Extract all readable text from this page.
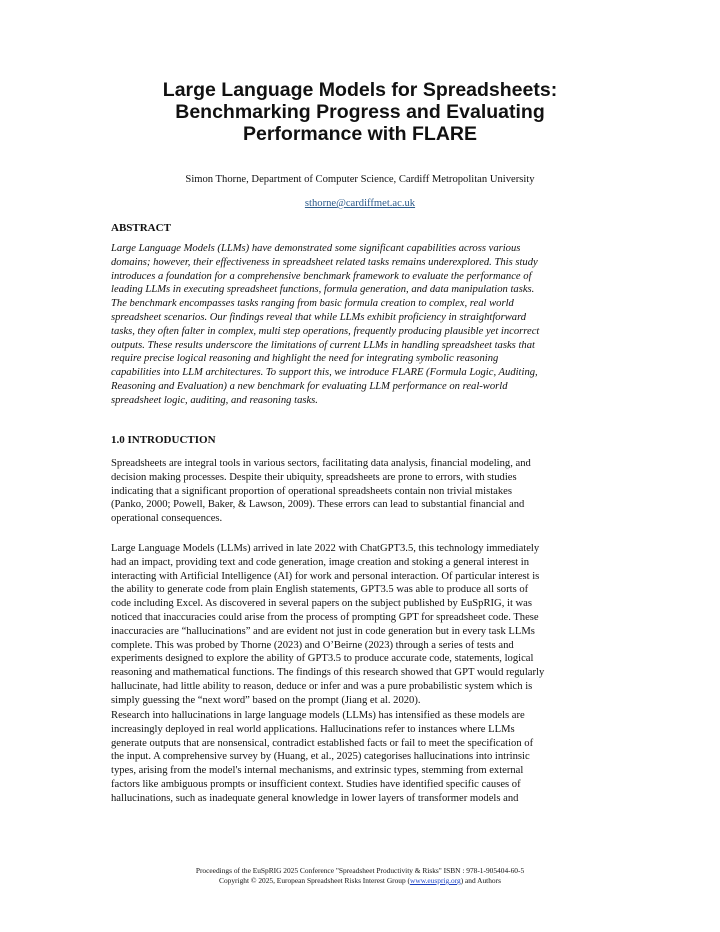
Large Language Models for Spreadsheets:
Benchmarking Progress and Evaluating
Performance with FLARE
Simon Thorne, Department of Computer Science, Cardiff Metropolitan University
sthorne@cardiffmet.ac.uk
ABSTRACT

Large Language Models (LLMs) have demonstrated some significant capabilities across various
domains; however, their effectiveness in spreadsheet related tasks remains underexplored. This study
introduces a foundation for a comprehensive benchmark framework to evaluate the performance of
leading LLMs in executing spreadsheet functions, formula generation, and data manipulation tasks.
The benchmark encompasses tasks ranging from basic formula creation to complex, real world
spreadsheet scenarios. Our findings reveal that while LLMs exhibit proficiency in straightforward
tasks, they often falter in complex, multi step operations, frequently producing plausible yet incorrect
outputs. These results underscore the limitations of current LLMs in handling spreadsheet tasks that
require precise logical reasoning and highlight the need for integrating symbolic reasoning
capabilities into LLM architectures. To support this, we introduce FLARE (Formula Logic, Auditing,
Reasoning and Evaluation) a new benchmark for evaluating LLM performance on real-world
spreadsheet logic, auditing, and reasoning tasks.

1.0 INTRODUCTION

Spreadsheets are integral tools in various sectors, facilitating data analysis, financial modeling, and
decision making processes. Despite their ubiquity, spreadsheets are prone to errors, with studies
indicating that a significant proportion of operational spreadsheets contain non trivial mistakes
(Panko, 2000; Powell, Baker, & Lawson, 2009). These errors can lead to substantial financial and
operational consequences.

Large Language Models (LLMs) arrived in late 2022 with ChatGPT3.5, this technology immediately
had an impact, providing text and code generation, image creation and stoking a general interest in
interacting with Artificial Intelligence (AI) for work and personal interaction. Of particular interest is
the ability to generate code from plain English statements, GPT3.5 was able to produce all sorts of
code including Excel. As discovered in several papers on the subject published by EuSpRIG, it was
noticed that inaccuracies could arise from the process of prompting GPT for spreadsheet code. These
inaccuracies are “hallucinations” and are evident not just in code generation but in every task LLMs
complete. This was probed by Thorne (2023) and O’Beirne (2023) through a series of tests and
experiments designed to explore the ability of GPT3.5 to produce accurate code, statements, logical
reasoning and mathematical functions. The findings of this research showed that GPT would regularly
hallucinate, had little ability to reason, deduce or infer and was a pure probabilistic system which is
simply guessing the “next word” based on the prompt (Jiang et al. 2020).

Research into hallucinations in large language models (LLMs) has intensified as these models are
increasingly deployed in real world applications. Hallucinations refer to instances where LLMs
generate outputs that are nonsensical, contradict established facts or fail to meet the specification of
the input. A comprehensive survey by (Huang, et al., 2025) categorises hallucinations into intrinsic
types, arising from the model's internal mechanisms, and extrinsic types, stemming from external
factors like ambiguous prompts or insufficient context. Studies have identified specific causes of
hallucinations, such as inadequate general knowledge in lower layers of transformer models and

Proceedings of the EuSpRIG 2025 Conference "Spreadsheet Productivity & Risks" ISBN : 978-1-905404-60-5
Copyright © 2025, European Spreadsheet Risks Interest Group (www.eusprig.org) and Authors
